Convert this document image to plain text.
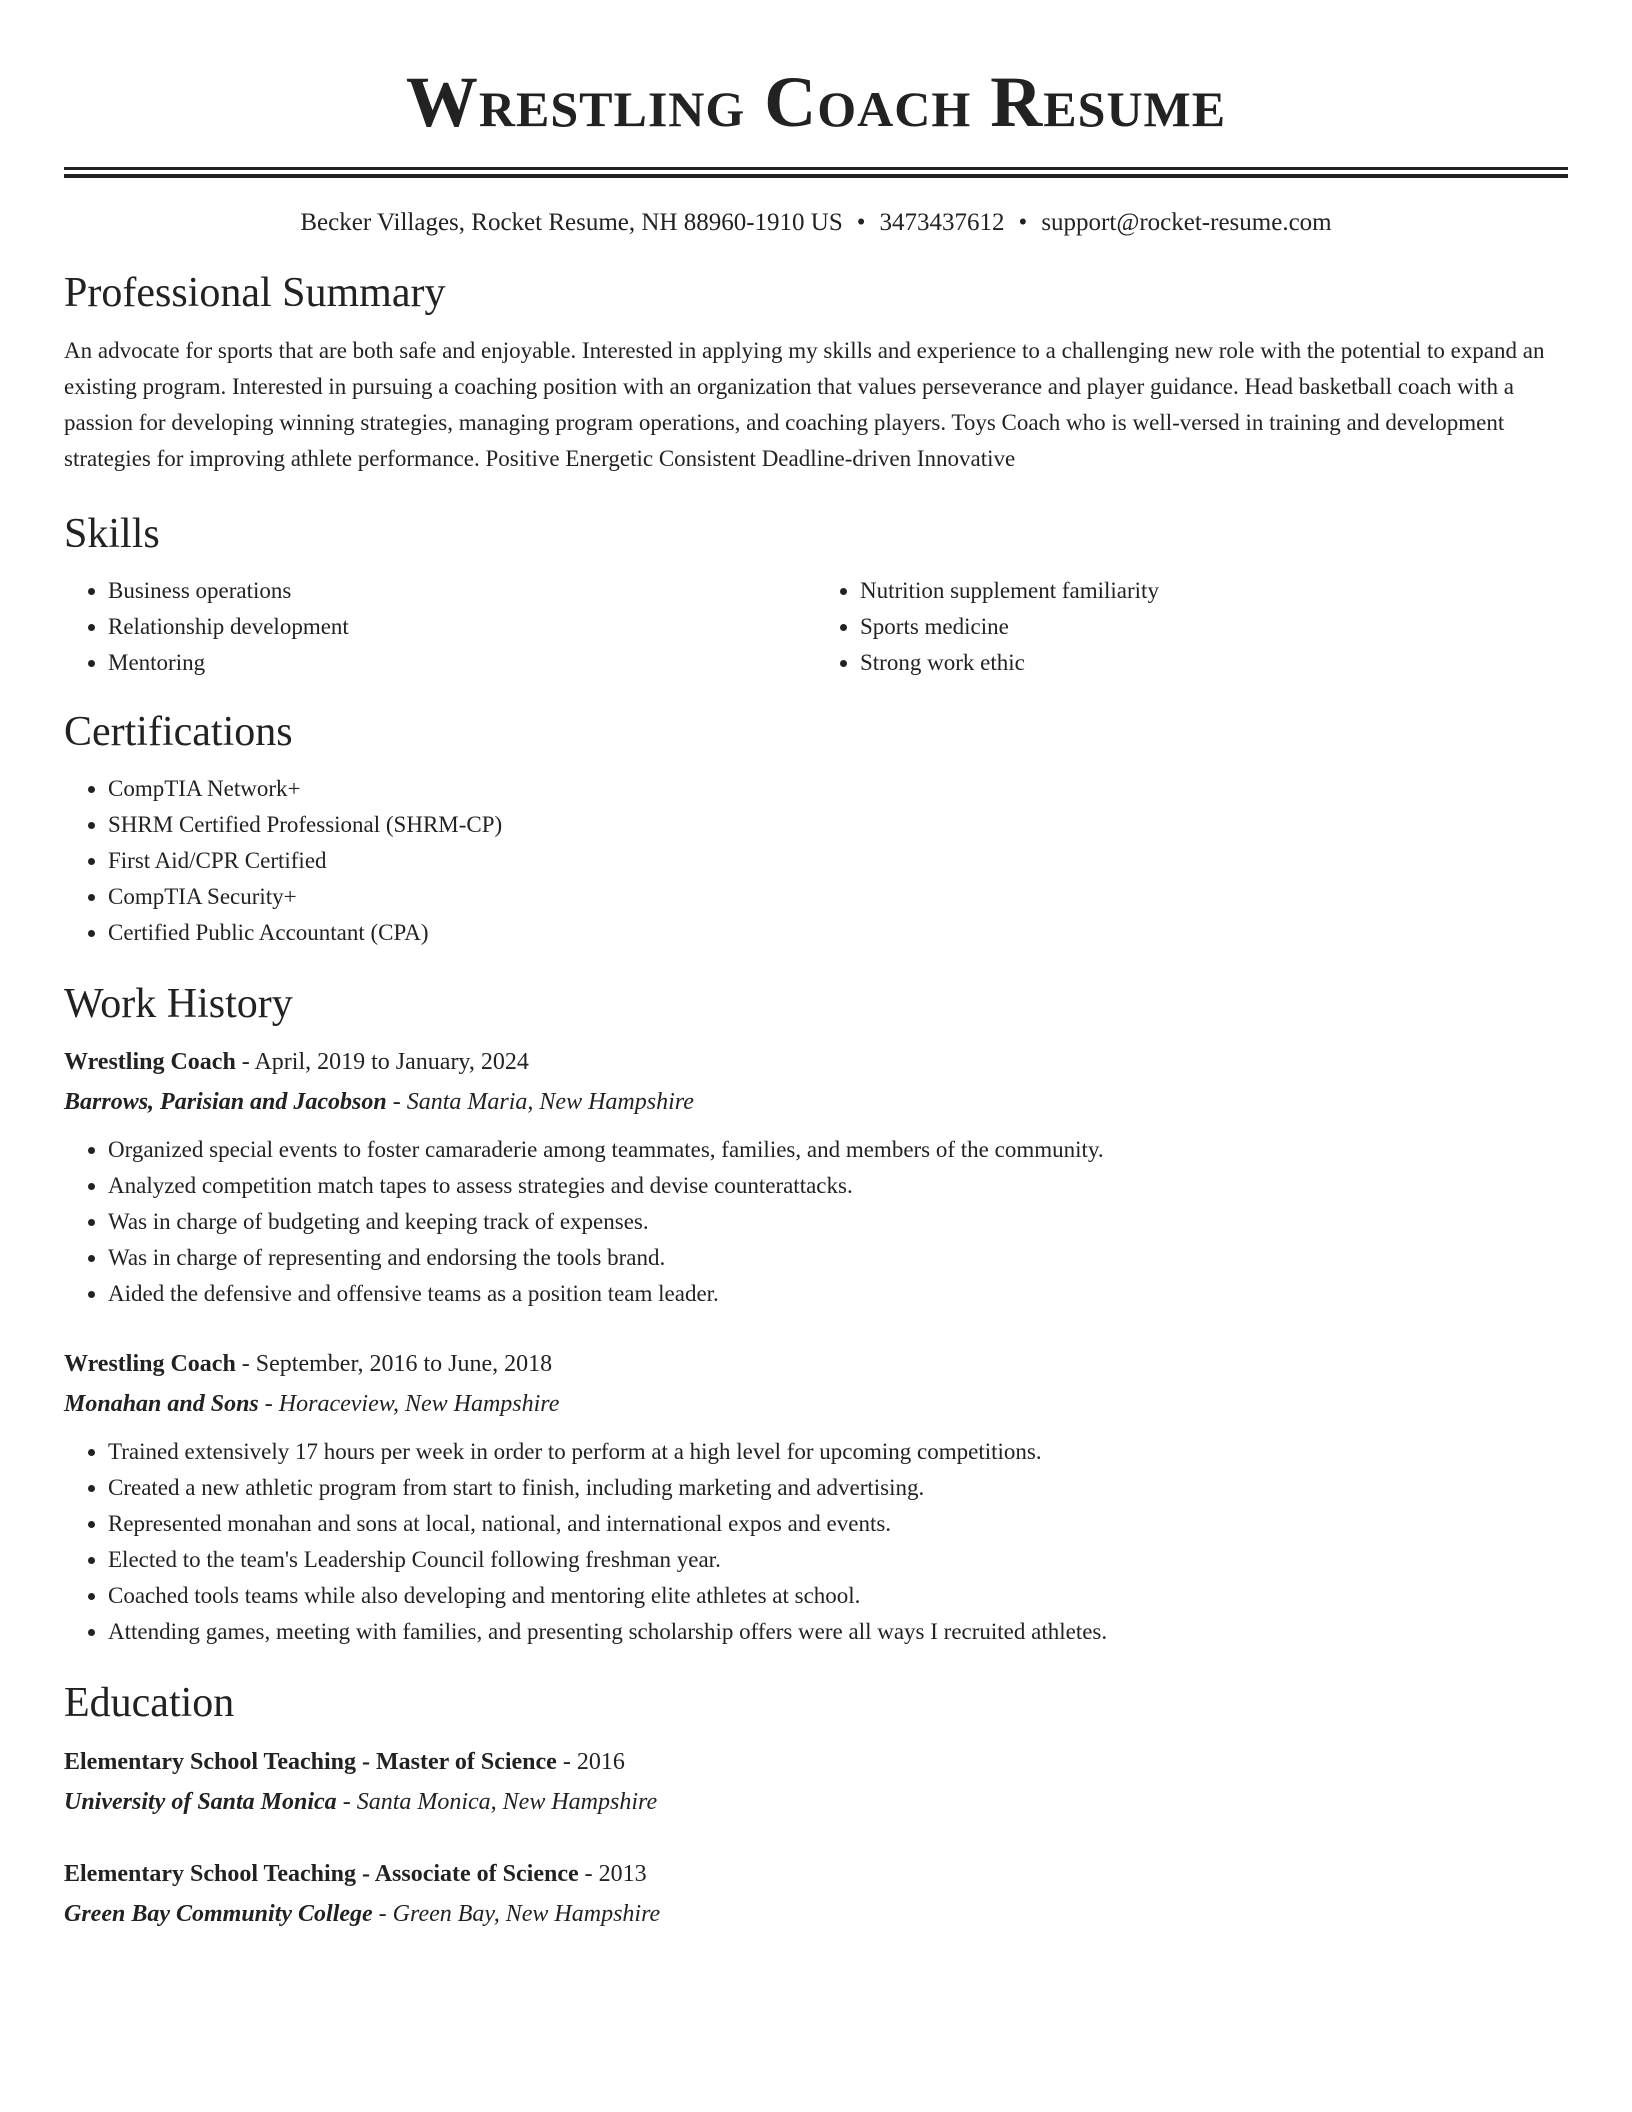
Wrestling Coach Resume
Becker Villages, Rocket Resume, NH 88960-1910 US • 3473437612 • support@rocket-resume.com
Professional Summary

An advocate for sports that are both safe and enjoyable. Interested in applying my skills and experience to a challenging new role with the potential to expand an existing program. Interested in pursuing a coaching position with an organization that values perseverance and player guidance. Head basketball coach with a passion for developing winning strategies, managing program operations, and coaching players. Toys Coach who is well-versed in training and development strategies for improving athlete performance. Positive Energetic Consistent Deadline-driven Innovative

Skills
• Business operations
• Relationship development
• Mentoring
• Nutrition supplement familiarity
• Sports medicine
• Strong work ethic
Certifications
• CompTIA Network+
• SHRM Certified Professional (SHRM-CP)
• First Aid/CPR Certified
• CompTIA Security+
• Certified Public Accountant (CPA)
Work History
Wrestling Coach - April, 2019 to January, 2024
Barrows, Parisian and Jacobson - Santa Maria, New Hampshire
• Organized special events to foster camaraderie among teammates, families, and members of the community.
• Analyzed competition match tapes to assess strategies and devise counterattacks.
• Was in charge of budgeting and keeping track of expenses.
• Was in charge of representing and endorsing the tools brand.
• Aided the defensive and offensive teams as a position team leader.
Wrestling Coach - September, 2016 to June, 2018
Monahan and Sons - Horaceview, New Hampshire
• Trained extensively 17 hours per week in order to perform at a high level for upcoming competitions.
• Created a new athletic program from start to finish, including marketing and advertising.
• Represented monahan and sons at local, national, and international expos and events.
• Elected to the team's Leadership Council following freshman year.
• Coached tools teams while also developing and mentoring elite athletes at school.
• Attending games, meeting with families, and presenting scholarship offers were all ways I recruited athletes.
Education
Elementary School Teaching - Master of Science - 2016
University of Santa Monica - Santa Monica, New Hampshire
Elementary School Teaching - Associate of Science - 2013
Green Bay Community College - Green Bay, New Hampshire
